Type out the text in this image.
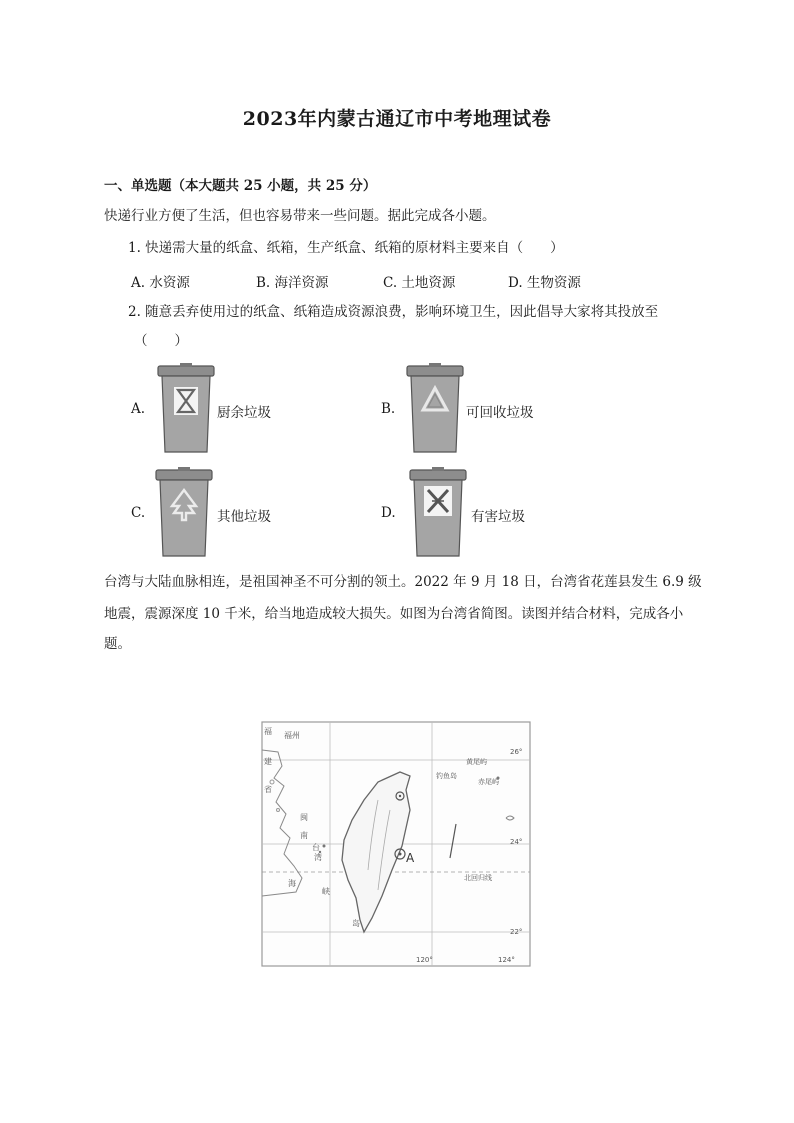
2023年内蒙古通辽市中考地理试卷
一、单选题（本大题共 25 小题，共 25 分）
快递行业方便了生活，但也容易带来一些问题。据此完成各小题。
1. 快递需大量的纸盒、纸箱，生产纸盒、纸箱的原材料主要来自（　　）
A. 水资源	B. 海洋资源	C. 土地资源	D. 生物资源
2. 随意丢弃使用过的纸盒、纸箱造成资源浪费，影响环境卫生，因此倡导大家将其投放至
（　　）
A.	厨余垃圾	B.	可回收垃圾
C.	其他垃圾	D.	有害垃圾
台湾与大陆血脉相连，是祖国神圣不可分割的领土。2022 年 9 月 18 日，台湾省花莲县发生 6.9 级
地震，震源深度 10 千米，给当地造成较大损失。如图为台湾省简图。读图并结合材料，完成各小
题。
福州
福
建
省
闽
南
台
湾
海
峡
岛
赤尾屿
钓鱼岛
黄尾屿
A
北回归线
26°
24°
22°
120°	124°
